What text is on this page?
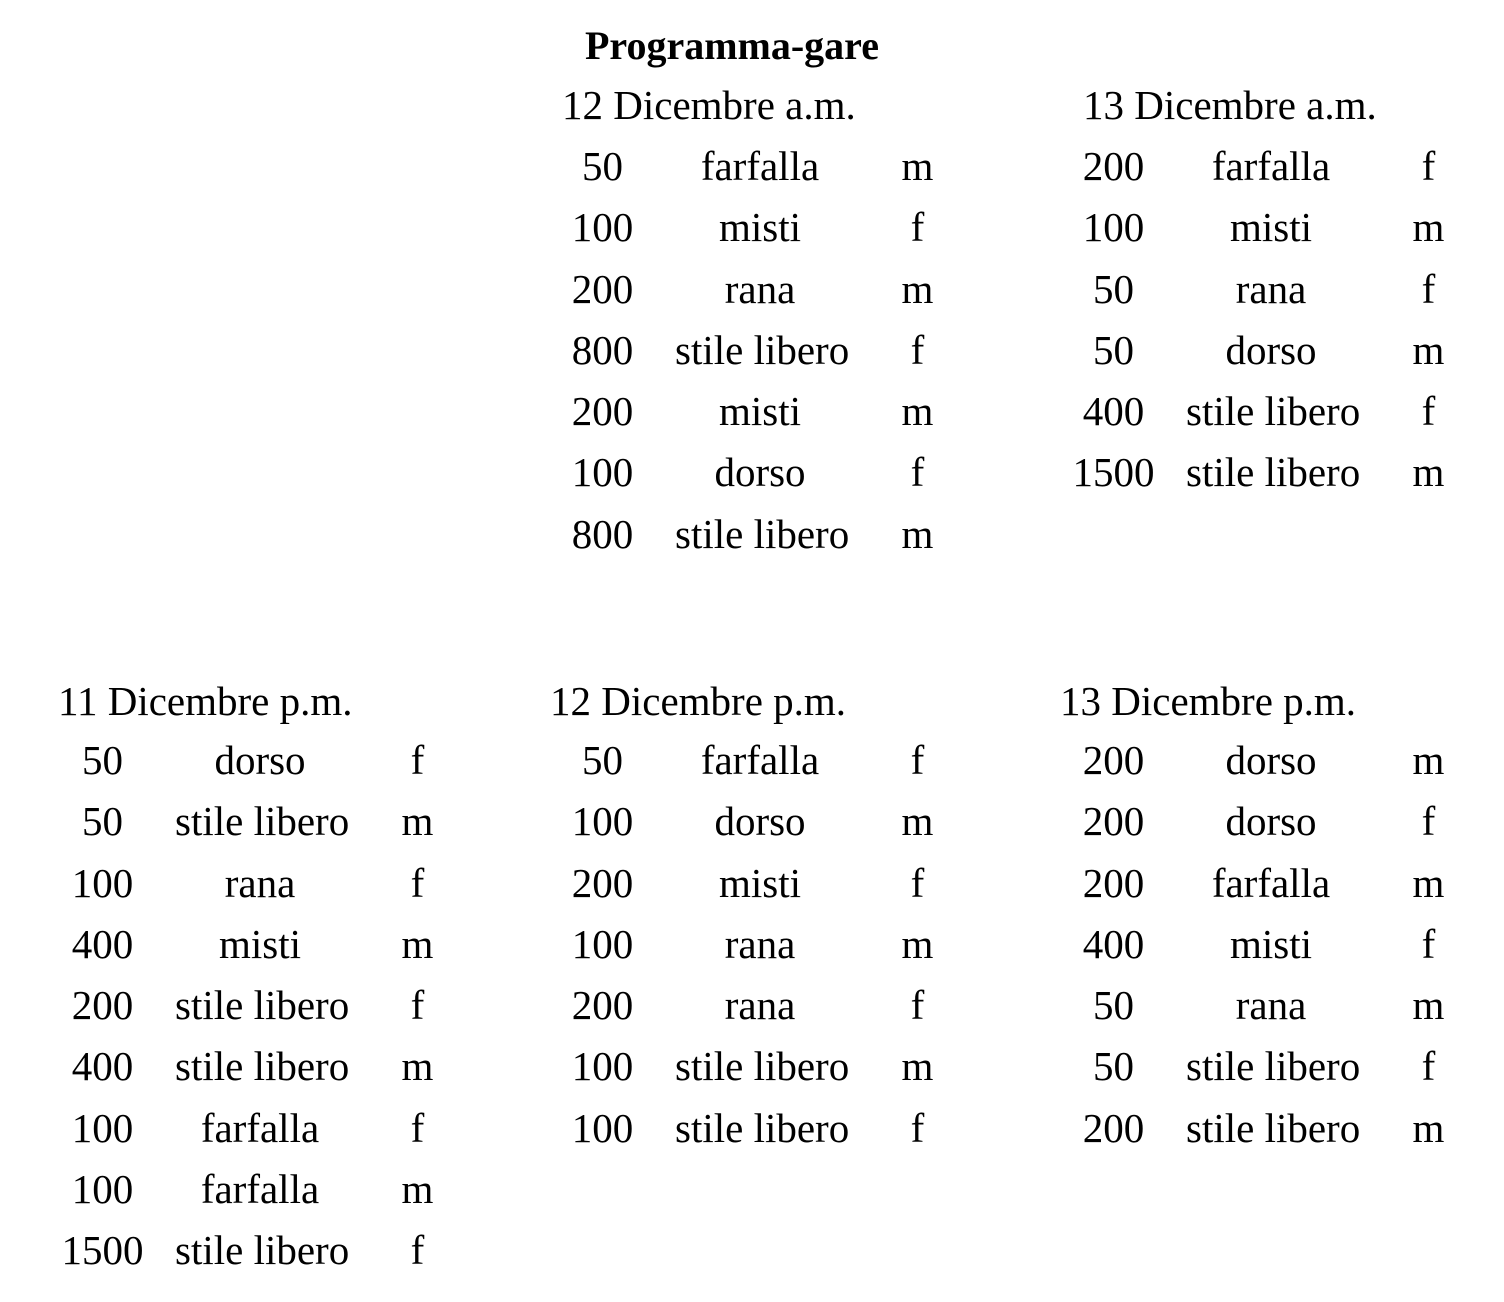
Programma-gare
12 Dicembre a.m.
50	farfalla	m
100	misti	f
200	rana	m
800	stile libero	f
200	misti	m
100	dorso	f
800	stile libero	m
13 Dicembre a.m.
200	farfalla	f
100	misti	m
50	rana	f
50	dorso	m
400	stile libero	f
1500 stile libero	m
11 Dicembre p.m.
50	dorso	f
50	stile libero	m
100	rana	f
400	misti	m
200	stile libero	f
400	stile libero	m
100	farfalla	f
100	farfalla	m
1500 stile libero	f
12 Dicembre p.m.
50	farfalla	f
100	dorso	m
200	misti	f
100	rana	m
200	rana	f
100	stile libero	m
100	stile libero	f
13 Dicembre p.m.
200	dorso	m
200	dorso	f
200	farfalla	m
400	misti	f
50	rana	m
50	stile libero	f
200	stile libero	m
